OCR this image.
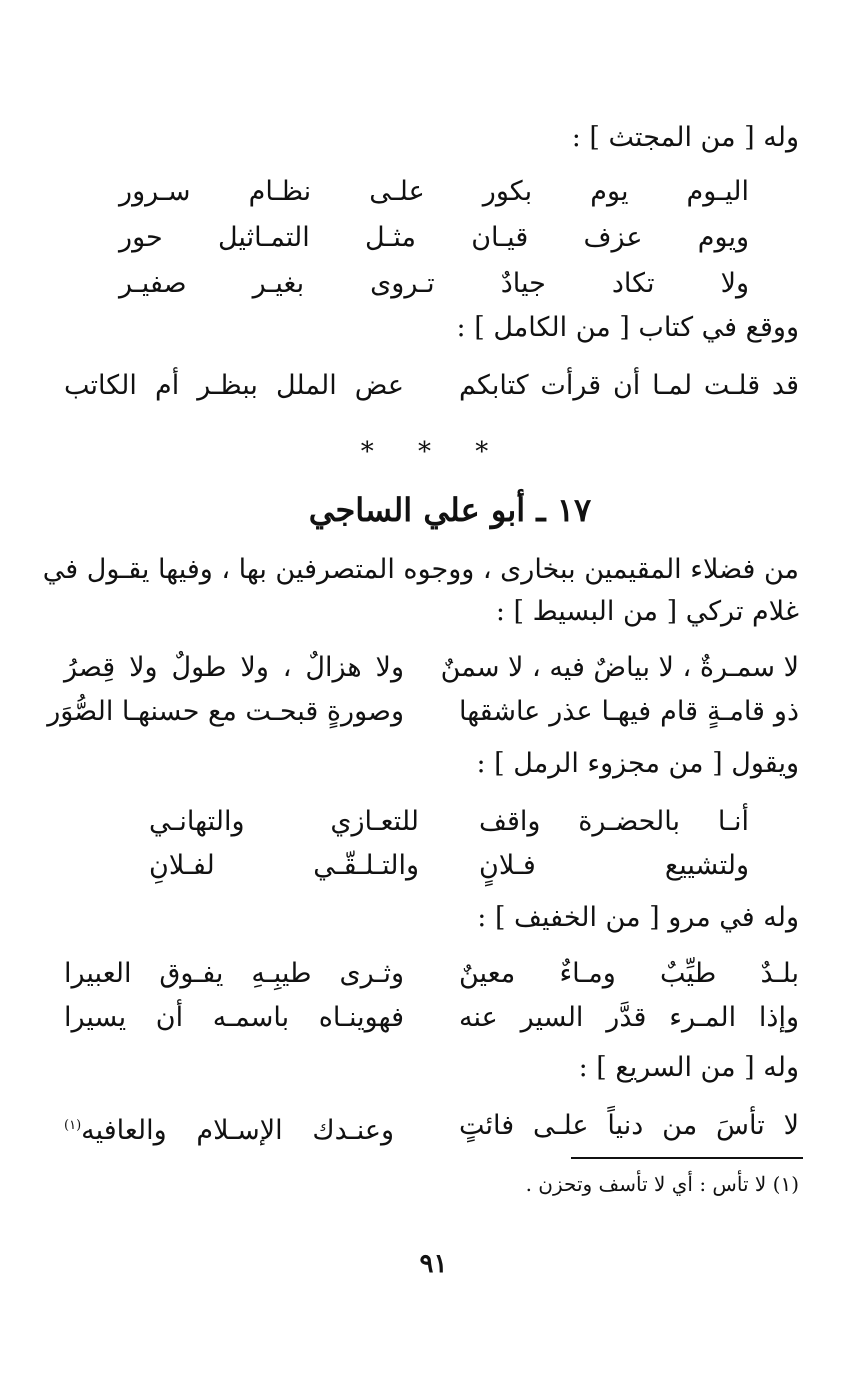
وله [ من المجتث ] :
اليـوم
يوم
بكور
علـى
نظـام
سـرور
ويوم
عزف
قيـان
مثـل
التمـاثيل
حور
ولا
تكاد
جيادٌ
تـروى
بغيـر
صفيـر
ووقع في كتاب [ من الكامل ] :
قد قلـت لمـا أن قرأت كتابكم
عض الملل ببظـر أم الكاتب
* * *
١٧ ـ أبو علي الساجي
من فضلاء المقيمين ببخارى ، ووجوه المتصرفين بها ، وفيها يقـول في
غلام تركي [ من البسيط ] :
لا سمـرةٌ ، لا بياضٌ فيه ، لا سمنٌ
ولا هزالٌ ، ولا طولٌ ولا قِصرُ
ذو قامـةٍ قام فيهـا عذر عاشقها
وصورةٍ قبحـت مع حسنهـا الصُّوَر
ويقول [ من مجزوء الرمل ] :
أنـا
بالحضـرة
واقف
للتعـازي
والتهانـي
ولتشييع
فـلانٍ
والتـلـقّـي
لفـلانِ
وله في مرو [ من الخفيف ] :
بلـدٌ طيِّبٌ ومـاءٌ معينٌ
وثـرى طيبِـهِ يفـوق العبيرا
وإذا المـرء قدَّر السير عنه
فهوينـاه باسمـه أن يسيرا
وله [ من السريع ] :
لا تأسَ من دنياً علـى فائتٍ
وعنـدك الإسـلام والعافيه$^{(١)}$
(١) لا تأس : أي لا تأسف وتحزن .
٩١
